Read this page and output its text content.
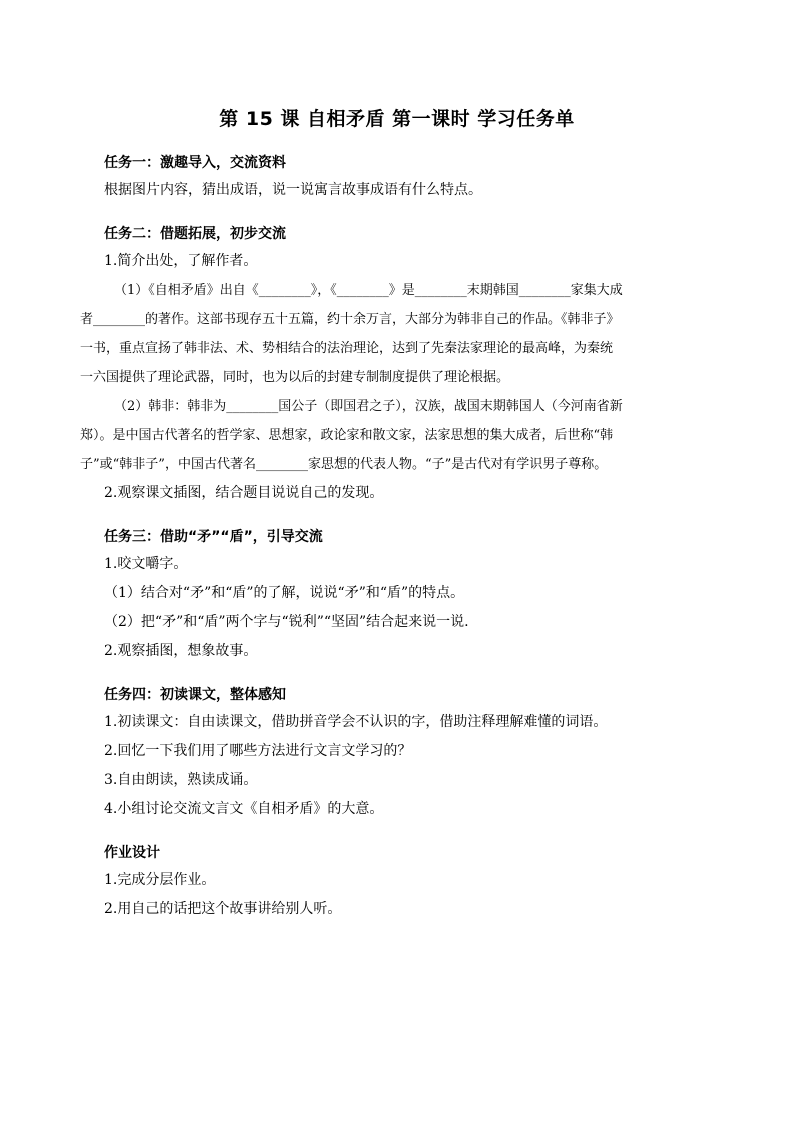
第 15 课 自相矛盾 第一课时 学习任务单
任务一：激趣导入，交流资料
根据图片内容，猜出成语，说一说寓言故事成语有什么特点。
任务二：借题拓展，初步交流
1.简介出处，了解作者。
（1）《自相矛盾》出自《________》，《________》是________末期韩国________家集大成
者________的著作。这部书现存五十五篇，约十余万言，大部分为韩非自己的作品。《韩非子》
一书，重点宣扬了韩非法、术、势相结合的法治理论，达到了先秦法家理论的最高峰，为秦统
一六国提供了理论武器，同时，也为以后的封建专制制度提供了理论根据。
（2）韩非：韩非为________国公子（即国君之子），汉族，战国末期韩国人（今河南省新
郑）。是中国古代著名的哲学家、思想家，政论家和散文家，法家思想的集大成者，后世称“韩
子”或“韩非子”，中国古代著名________家思想的代表人物。“子”是古代对有学识男子尊称。
2.观察课文插图，结合题目说说自己的发现。
任务三：借助“矛”“盾”，引导交流
1.咬文嚼字。
（1）结合对“矛”和“盾”的了解，说说“矛”和“盾”的特点。
（2）把“矛”和“盾”两个字与“锐利”“坚固”结合起来说一说.
2.观察插图，想象故事。
任务四：初读课文，整体感知
1.初读课文：自由读课文，借助拼音学会不认识的字，借助注释理解难懂的词语。
2.回忆一下我们用了哪些方法进行文言文学习的？
3.自由朗读，熟读成诵。
4.小组讨论交流文言文《自相矛盾》的大意。
作业设计
1.完成分层作业。
2.用自己的话把这个故事讲给别人听。
